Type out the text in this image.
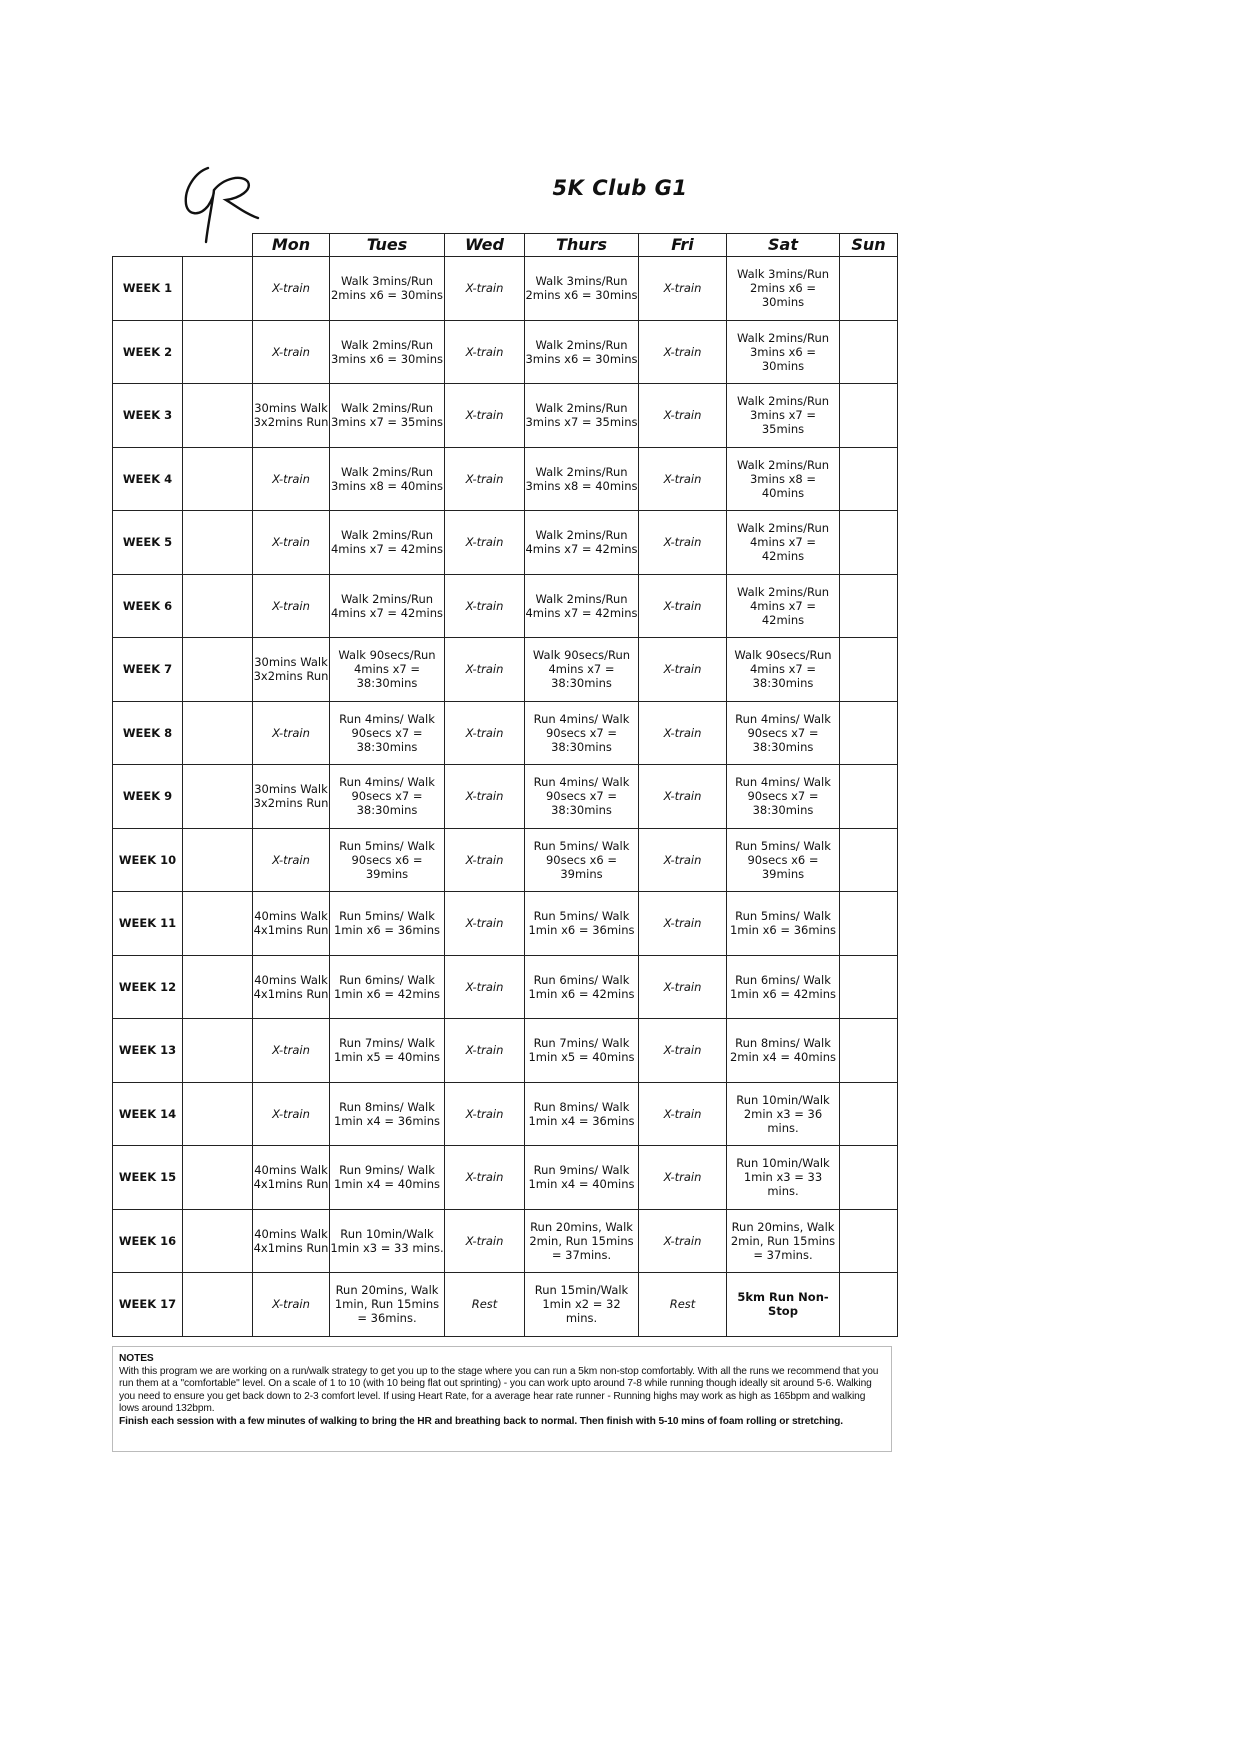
5K Club G1
		Mon	Tues	Wed	Thurs	Fri	Sat	Sun
WEEK 1		X-train	Walk 3mins/Run 2mins x6 = 30mins	X-train	Walk 3mins/Run 2mins x6 = 30mins	X-train	Walk 3mins/Run 2mins x6 = 30mins	
WEEK 2		X-train	Walk 2mins/Run 3mins x6 = 30mins	X-train	Walk 2mins/Run 3mins x6 = 30mins	X-train	Walk 2mins/Run 3mins x6 = 30mins	
WEEK 3		30mins Walk 3x2mins Run	Walk 2mins/Run 3mins x7 = 35mins	X-train	Walk 2mins/Run 3mins x7 = 35mins	X-train	Walk 2mins/Run 3mins x7 = 35mins	
WEEK 4		X-train	Walk 2mins/Run 3mins x8 = 40mins	X-train	Walk 2mins/Run 3mins x8 = 40mins	X-train	Walk 2mins/Run 3mins x8 = 40mins	
WEEK 5		X-train	Walk 2mins/Run 4mins x7 = 42mins	X-train	Walk 2mins/Run 4mins x7 = 42mins	X-train	Walk 2mins/Run 4mins x7 = 42mins	
WEEK 6		X-train	Walk 2mins/Run 4mins x7 = 42mins	X-train	Walk 2mins/Run 4mins x7 = 42mins	X-train	Walk 2mins/Run 4mins x7 = 42mins	
WEEK 7		30mins Walk 3x2mins Run	Walk 90secs/Run 4mins x7 = 38:30mins	X-train	Walk 90secs/Run 4mins x7 = 38:30mins	X-train	Walk 90secs/Run 4mins x7 = 38:30mins	
WEEK 8		X-train	Run 4mins/ Walk 90secs x7 = 38:30mins	X-train	Run 4mins/ Walk 90secs x7 = 38:30mins	X-train	Run 4mins/ Walk 90secs x7 = 38:30mins	
WEEK 9		30mins Walk 3x2mins Run	Run 4mins/ Walk 90secs x7 = 38:30mins	X-train	Run 4mins/ Walk 90secs x7 = 38:30mins	X-train	Run 4mins/ Walk 90secs x7 = 38:30mins	
WEEK 10		X-train	Run 5mins/ Walk 90secs x6 = 39mins	X-train	Run 5mins/ Walk 90secs x6 = 39mins	X-train	Run 5mins/ Walk 90secs x6 = 39mins	
WEEK 11		40mins Walk 4x1mins Run	Run 5mins/ Walk 1min x6 = 36mins	X-train	Run 5mins/ Walk 1min x6 = 36mins	X-train	Run 5mins/ Walk 1min x6 = 36mins	
WEEK 12		40mins Walk 4x1mins Run	Run 6mins/ Walk 1min x6 = 42mins	X-train	Run 6mins/ Walk 1min x6 = 42mins	X-train	Run 6mins/ Walk 1min x6 = 42mins	
WEEK 13		X-train	Run 7mins/ Walk 1min x5 = 40mins	X-train	Run 7mins/ Walk 1min x5 = 40mins	X-train	Run 8mins/ Walk 2min x4 = 40mins	
WEEK 14		X-train	Run 8mins/ Walk 1min x4 = 36mins	X-train	Run 8mins/ Walk 1min x4 = 36mins	X-train	Run 10min/Walk 2min x3 = 36 mins.	
WEEK 15		40mins Walk 4x1mins Run	Run 9mins/ Walk 1min x4 = 40mins	X-train	Run 9mins/ Walk 1min x4 = 40mins	X-train	Run 10min/Walk 1min x3 = 33 mins.	
WEEK 16		40mins Walk 4x1mins Run	Run 10min/Walk 1min x3 = 33 mins.	X-train	Run 20mins, Walk 2min, Run 15mins = 37mins.	X-train	Run 20mins, Walk 2min, Run 15mins = 37mins.	
WEEK 17		X-train	Run 20mins, Walk 1min, Run 15mins = 36mins.	Rest	Run 15min/Walk 1min x2 = 32 mins.	Rest	5km Run Non-Stop	
NOTES
With this program we are working on a run/walk strategy to get you up to the stage where you can run a 5km non-stop comfortably. With all the runs we recommend that you run them at a "comfortable" level. On a scale of 1 to 10 (with 10 being flat out sprinting) - you can work upto around 7-8 while running though ideally sit around 5-6. Walking you need to ensure you get back down to 2-3 comfort level. If using Heart Rate, for a average hear rate runner - Running highs may work as high as 165bpm and walking lows around 132bpm.
Finish each session with a few minutes of walking to bring the HR and breathing back to normal. Then finish with 5-10 mins of foam rolling or stretching.
